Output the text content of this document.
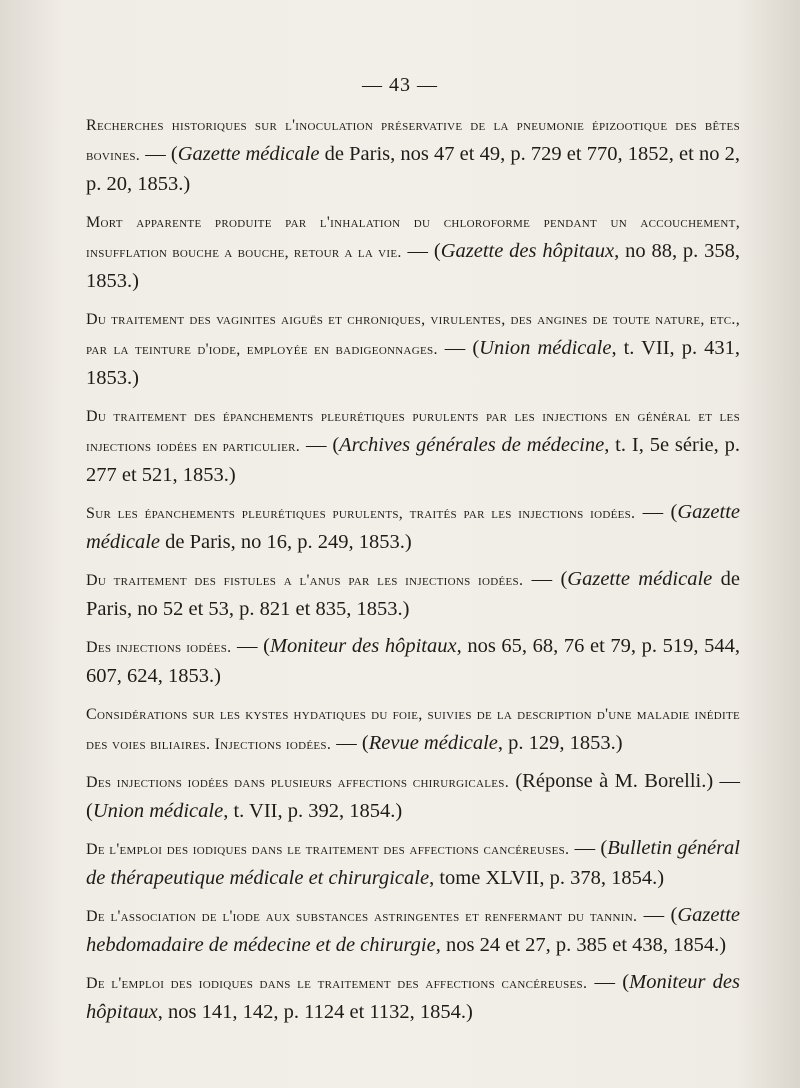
— 43 —

Recherches historiques sur l'inoculation préservative de la pneumonie épizootique des bêtes bovines. — (Gazette médicale de Paris, nos 47 et 49, p. 729 et 770, 1852, et no 2, p. 20, 1853.)

Mort apparente produite par l'inhalation du chloroforme pendant un accouchement, insufflation bouche a bouche, retour a la vie. — (Gazette des hôpitaux, no 88, p. 358, 1853.)

Du traitement des vaginites aiguës et chroniques, virulentes, des angines de toute nature, etc., par la teinture d'iode, employée en badigeonnages. — (Union médicale, t. VII, p. 431, 1853.)

Du traitement des épanchements pleurétiques purulents par les injections en général et les injections iodées en particulier. — (Archives générales de médecine, t. I, 5e série, p. 277 et 521, 1853.)

Sur les épanchements pleurétiques purulents, traités par les injections iodées. — (Gazette médicale de Paris, no 16, p. 249, 1853.)

Du traitement des fistules a l'anus par les injections iodées. — (Gazette médicale de Paris, no 52 et 53, p. 821 et 835, 1853.)

Des injections iodées. — (Moniteur des hôpitaux, nos 65, 68, 76 et 79, p. 519, 544, 607, 624, 1853.)

Considérations sur les kystes hydatiques du foie, suivies de la description d'une maladie inédite des voies biliaires. Injections iodées. — (Revue médicale, p. 129, 1853.)

Des injections iodées dans plusieurs affections chirurgicales. (Réponse à M. Borelli.) — (Union médicale, t. VII, p. 392, 1854.)

De l'emploi des iodiques dans le traitement des affections cancéreuses. — (Bulletin général de thérapeutique médicale et chirurgicale, tome XLVII, p. 378, 1854.)

De l'association de l'iode aux substances astringentes et renfermant du tannin. — (Gazette hebdomadaire de médecine et de chirurgie, nos 24 et 27, p. 385 et 438, 1854.)

De l'emploi des iodiques dans le traitement des affections cancéreuses. — (Moniteur des hôpitaux, nos 141, 142, p. 1124 et 1132, 1854.)
